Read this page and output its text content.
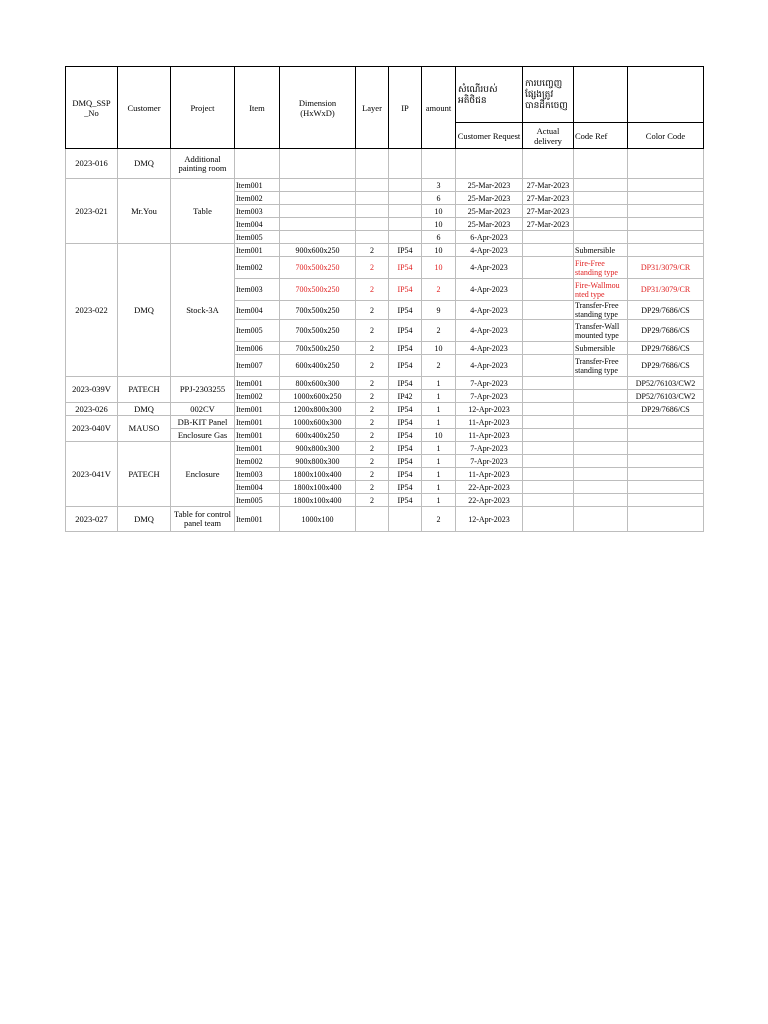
DMQ_SSP _No	Customer	Project	Item	Dimension (HxWxD)	Layer	IP	amount	សំណើរបស់អតិថិជន	ការបញ្ចេញផ្សែងត្រូវបានដឹកចេញ		
								Customer Request	Actual delivery	Code Ref	Color Code
2023-016	DMQ	Additional painting room									
2023-021	Mr.You	Table	Item001				3	25-Mar-2023	27-Mar-2023		
			Item002				6	25-Mar-2023	27-Mar-2023		
			Item003				10	25-Mar-2023	27-Mar-2023		
			Item004				10	25-Mar-2023	27-Mar-2023		
			Item005				6	6-Apr-2023			
2023-022	DMQ	Stock-3A	Item001	900x600x250	2	IP54	10	4-Apr-2023		Submersible	
			Item002	700x500x250	2	IP54	10	4-Apr-2023		Fire-Free standing type	DP31/3079/CR
			Item003	700x500x250	2	IP54	2	4-Apr-2023		Fire-Wallmou nted type	DP31/3079/CR
			Item004	700x500x250	2	IP54	9	4-Apr-2023		Transfer-Free standing type	DP29/7686/CS
			Item005	700x500x250	2	IP54	2	4-Apr-2023		Transfer-Wall mounted type	DP29/7686/CS
			Item006	700x500x250	2	IP54	10	4-Apr-2023		Submersible	DP29/7686/CS
			Item007	600x400x250	2	IP54	2	4-Apr-2023		Transfer-Free standing type	DP29/7686/CS
2023-039V	PATECH	PPJ-2303255	Item001	800x600x300	2	IP54	1	7-Apr-2023			DP52/76103/CW2
			Item002	1000x600x250	2	IP42	1	7-Apr-2023			DP52/76103/CW2
2023-026	DMQ	002CV	Item001	1200x800x300	2	IP54	1	12-Apr-2023			DP29/7686/CS
2023-040V	MAUSO	DB-KIT Panel	Item001	1000x600x300	2	IP54	1	11-Apr-2023			
		Enclosure Gas	Item001	600x400x250	2	IP54	10	11-Apr-2023			
2023-041V	PATECH	Enclosure	Item001	900x800x300	2	IP54	1	7-Apr-2023			
			Item002	900x800x300	2	IP54	1	7-Apr-2023			
			Item003	1800x100x400	2	IP54	1	11-Apr-2023			
			Item004	1800x100x400	2	IP54	1	22-Apr-2023			
			Item005	1800x100x400	2	IP54	1	22-Apr-2023			
2023-027	DMQ	Table for control panel team	Item001	1000x100			2	12-Apr-2023			
